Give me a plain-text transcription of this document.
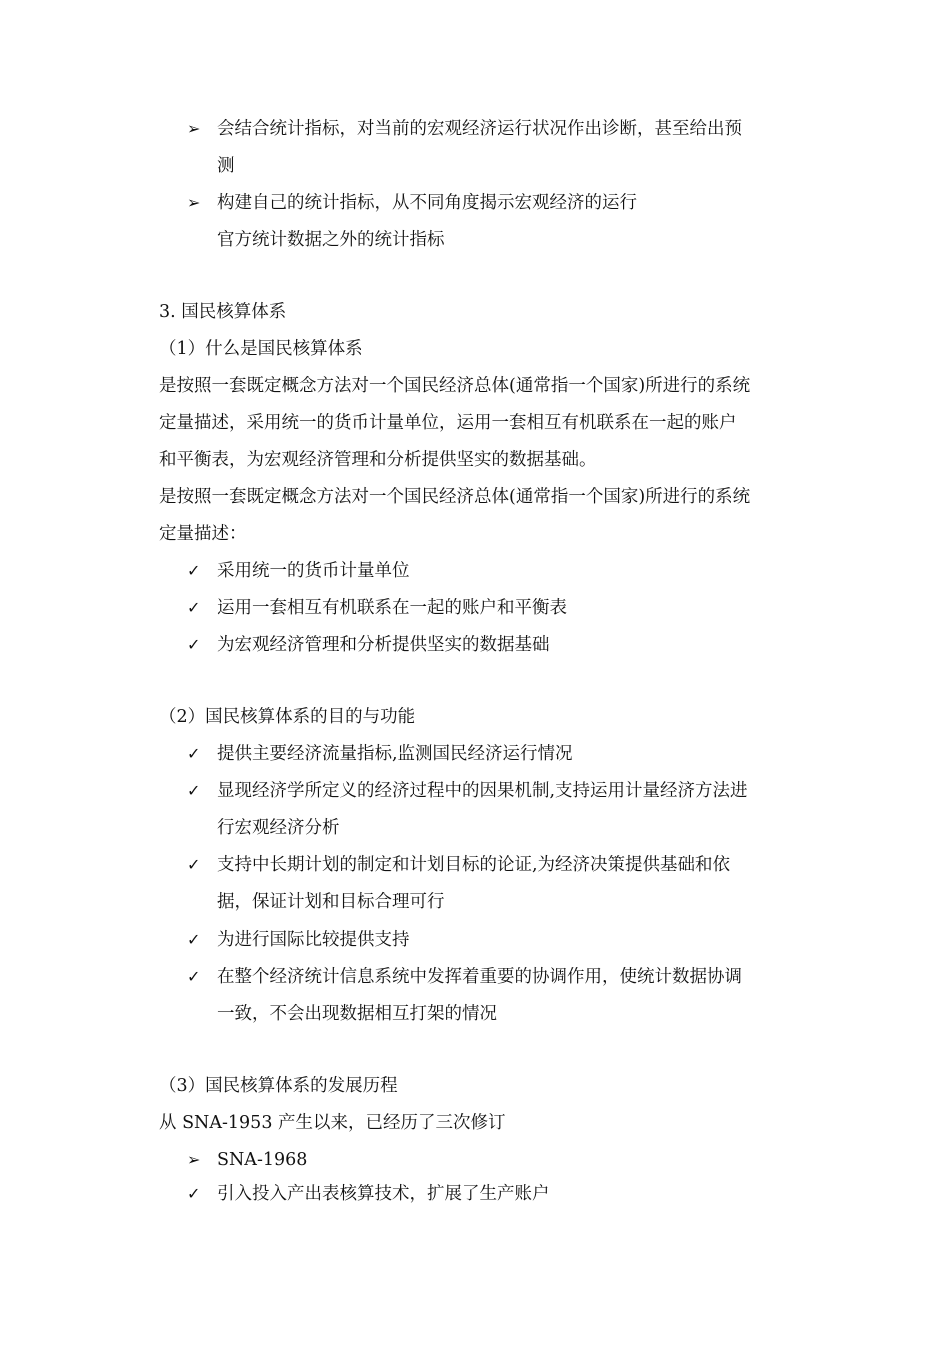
➢ 会结合统计指标，对当前的宏观经济运行状况作出诊断，甚至给出预
测
➢ 构建自己的统计指标，从不同角度揭示宏观经济的运行
官方统计数据之外的统计指标
3. 国民核算体系
（1）什么是国民核算体系
是按照一套既定概念方法对一个国民经济总体(通常指一个国家)所进行的系统
定量描述，采用统一的货币计量单位，运用一套相互有机联系在一起的账户
和平衡表，为宏观经济管理和分析提供坚实的数据基础。
是按照一套既定概念方法对一个国民经济总体(通常指一个国家)所进行的系统
定量描述：
✓ 采用统一的货币计量单位
✓ 运用一套相互有机联系在一起的账户和平衡表
✓ 为宏观经济管理和分析提供坚实的数据基础
（2）国民核算体系的目的与功能
✓ 提供主要经济流量指标,监测国民经济运行情况
✓ 显现经济学所定义的经济过程中的因果机制,支持运用计量经济方法进
行宏观经济分析
✓ 支持中长期计划的制定和计划目标的论证,为经济决策提供基础和依
据，保证计划和目标合理可行
✓ 为进行国际比较提供支持
✓ 在整个经济统计信息系统中发挥着重要的协调作用，使统计数据协调
一致，不会出现数据相互打架的情况
（3）国民核算体系的发展历程
从 SNA-1953 产生以来，已经历了三次修订
➢ SNA-1968
✓ 引入投入产出表核算技术，扩展了生产账户
